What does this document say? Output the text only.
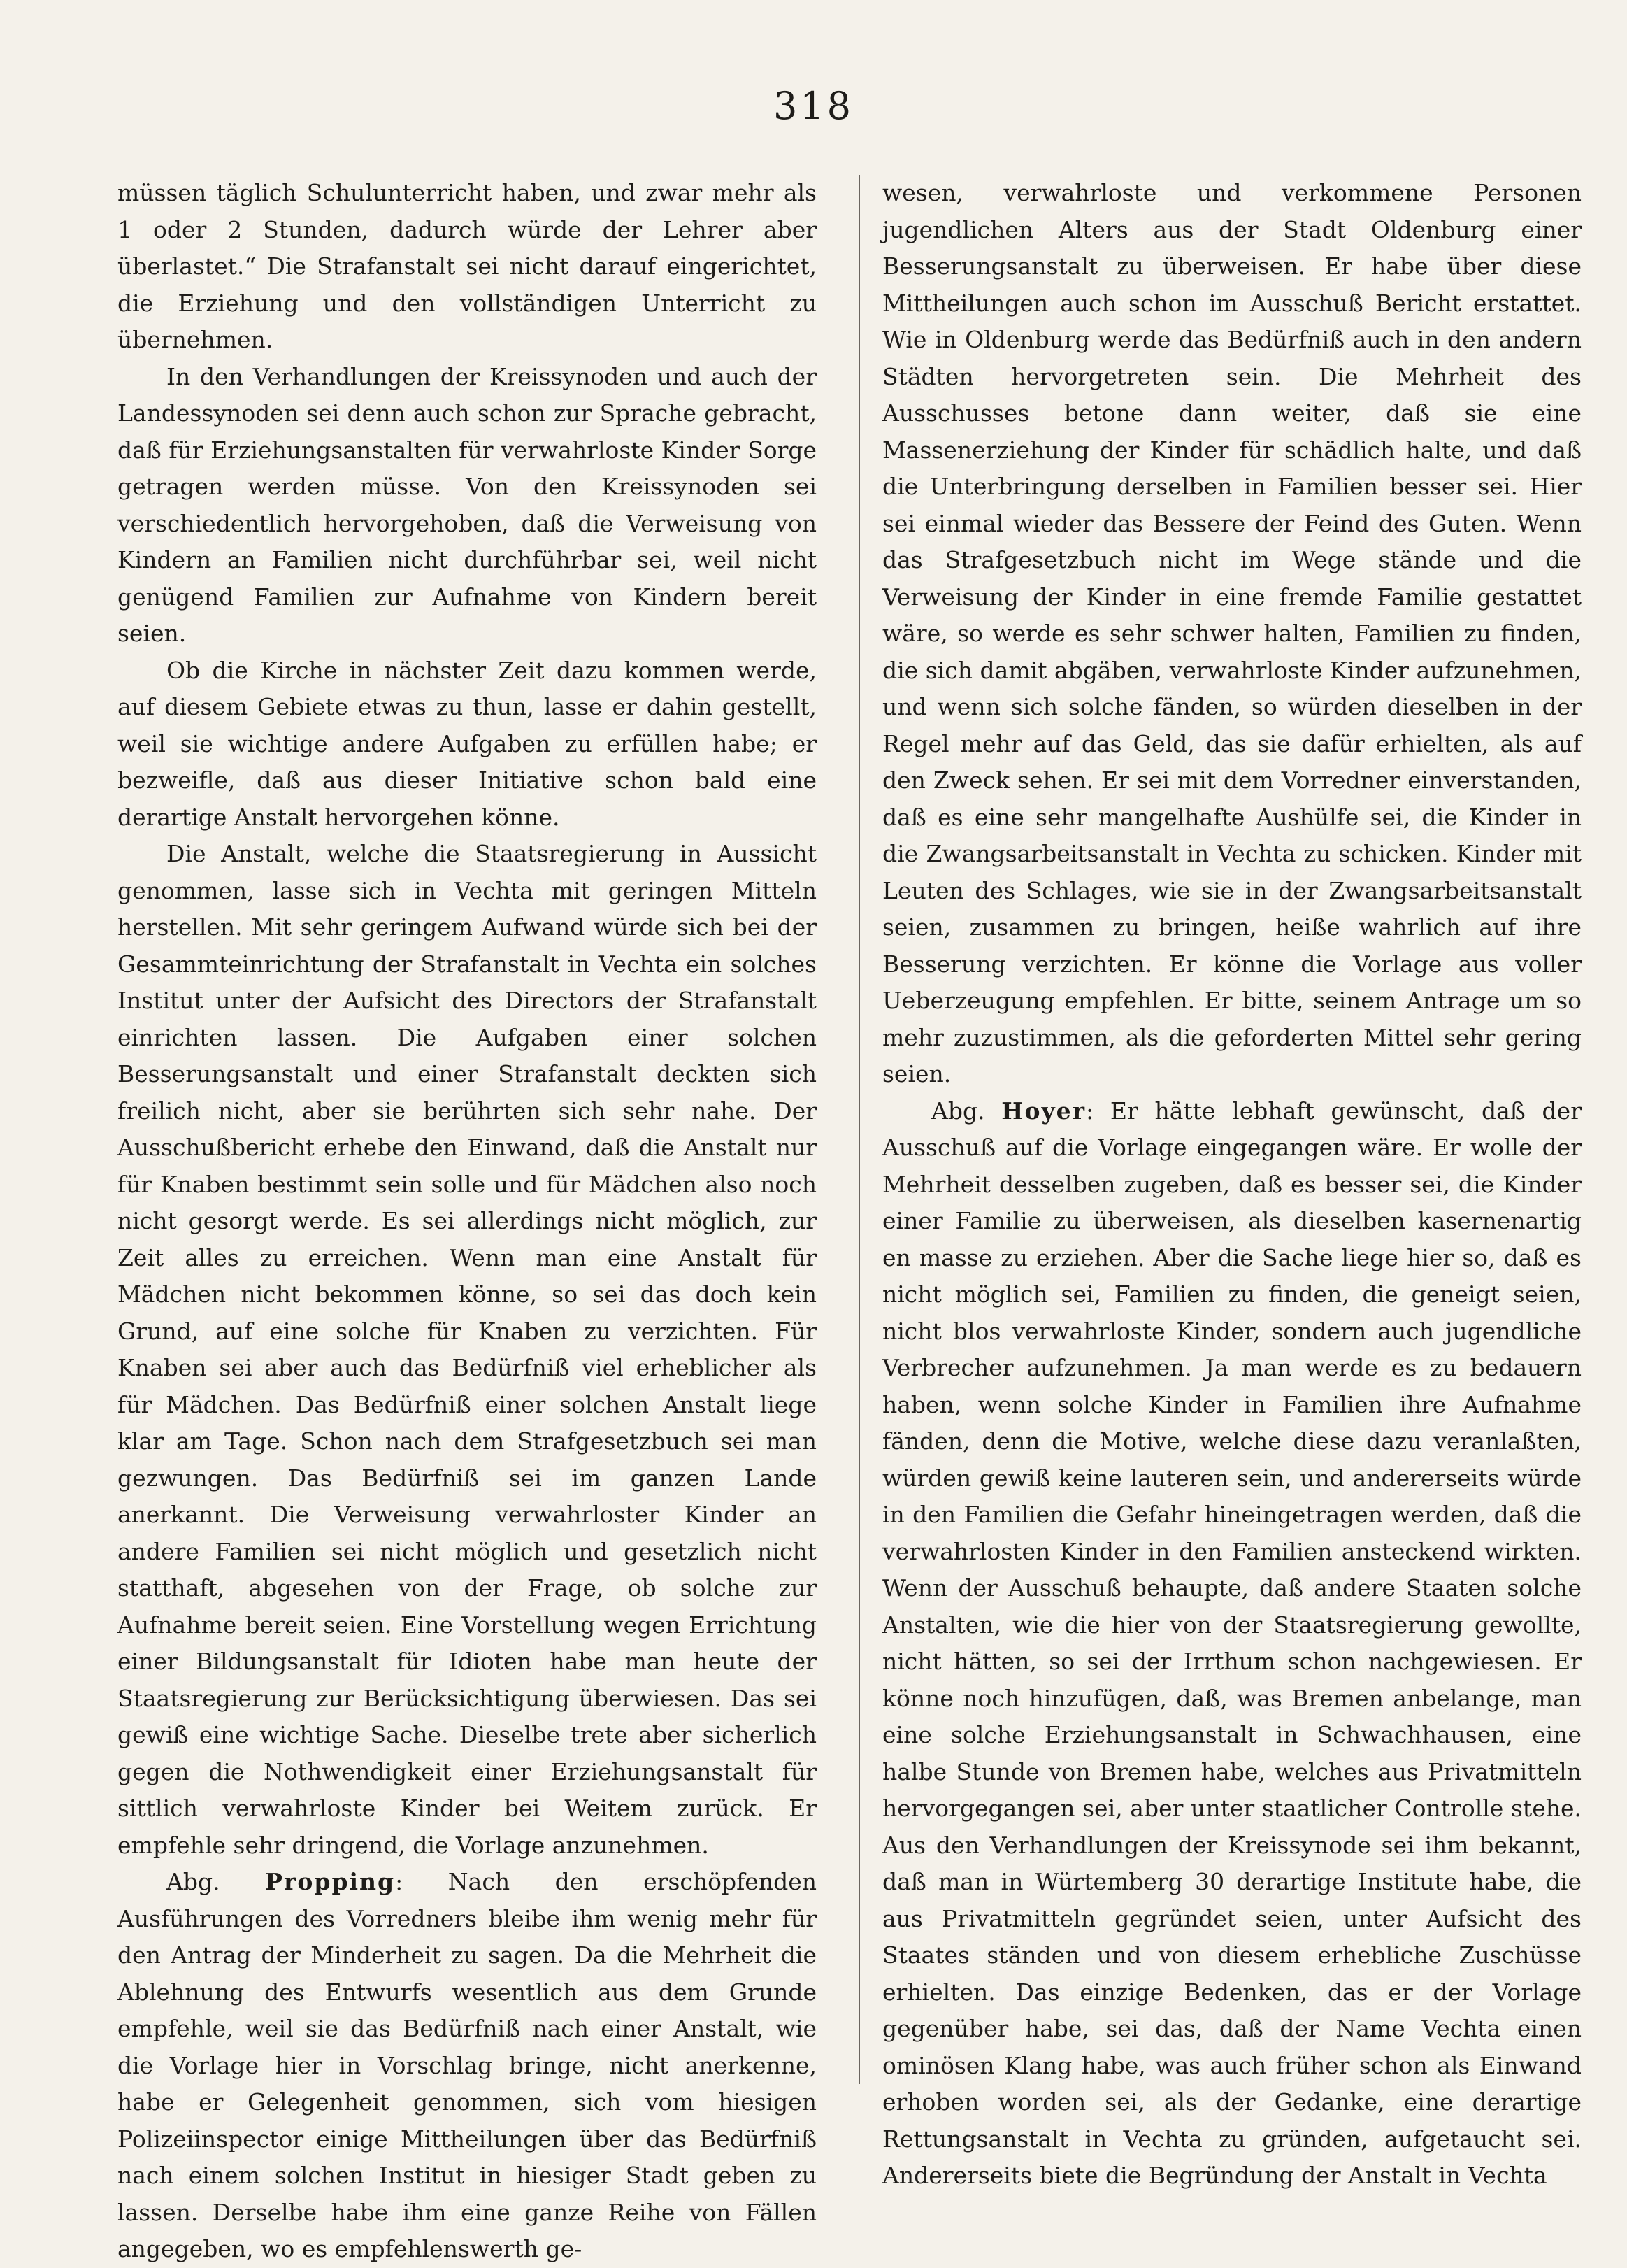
318

müssen täglich Schulunterricht haben, und zwar mehr als 1 oder 2 Stunden, dadurch würde der Lehrer aber überlastet.“ Die Strafanstalt sei nicht darauf eingerichtet, die Erziehung und den vollständigen Unterricht zu übernehmen.

In den Verhandlungen der Kreissynoden und auch der Landessynoden sei denn auch schon zur Sprache gebracht, daß für Erziehungsanstalten für verwahrloste Kinder Sorge getragen werden müsse. Von den Kreissynoden sei verschiedentlich hervorgehoben, daß die Verweisung von Kindern an Familien nicht durchführbar sei, weil nicht genügend Familien zur Aufnahme von Kindern bereit seien.

Ob die Kirche in nächster Zeit dazu kommen werde, auf diesem Gebiete etwas zu thun, lasse er dahin gestellt, weil sie wichtige andere Aufgaben zu erfüllen habe; er bezweifle, daß aus dieser Initiative schon bald eine derartige Anstalt hervorgehen könne.

Die Anstalt, welche die Staatsregierung in Aussicht genommen, lasse sich in Vechta mit geringen Mitteln herstellen. Mit sehr geringem Aufwand würde sich bei der Gesammteinrichtung der Strafanstalt in Vechta ein solches Institut unter der Aufsicht des Directors der Strafanstalt einrichten lassen. Die Aufgaben einer solchen Besserungsanstalt und einer Strafanstalt deckten sich freilich nicht, aber sie berührten sich sehr nahe. Der Ausschußbericht erhebe den Einwand, daß die Anstalt nur für Knaben bestimmt sein solle und für Mädchen also noch nicht gesorgt werde. Es sei allerdings nicht möglich, zur Zeit alles zu erreichen. Wenn man eine Anstalt für Mädchen nicht bekommen könne, so sei das doch kein Grund, auf eine solche für Knaben zu verzichten. Für Knaben sei aber auch das Bedürfniß viel erheblicher als für Mädchen. Das Bedürfniß einer solchen Anstalt liege klar am Tage. Schon nach dem Strafgesetzbuch sei man gezwungen. Das Bedürfniß sei im ganzen Lande anerkannt. Die Verweisung verwahrloster Kinder an andere Familien sei nicht möglich und gesetzlich nicht statthaft, abgesehen von der Frage, ob solche zur Aufnahme bereit seien. Eine Vorstellung wegen Errichtung einer Bildungsanstalt für Idioten habe man heute der Staatsregierung zur Berücksichtigung überwiesen. Das sei gewiß eine wichtige Sache. Dieselbe trete aber sicherlich gegen die Nothwendigkeit einer Erziehungsanstalt für sittlich verwahrloste Kinder bei Weitem zurück. Er empfehle sehr dringend, die Vorlage anzunehmen.

Abg. Propping: Nach den erschöpfenden Ausführungen des Vorredners bleibe ihm wenig mehr für den Antrag der Minderheit zu sagen. Da die Mehrheit die Ablehnung des Entwurfs wesentlich aus dem Grunde empfehle, weil sie das Bedürfniß nach einer Anstalt, wie die Vorlage hier in Vorschlag bringe, nicht anerkenne, habe er Gelegenheit genommen, sich vom hiesigen Polizeiinspector einige Mittheilungen über das Bedürfniß nach einem solchen Institut in hiesiger Stadt geben zu lassen. Derselbe habe ihm eine ganze Reihe von Fällen angegeben, wo es empfehlenswerth ge-

wesen, verwahrloste und verkommene Personen jugendlichen Alters aus der Stadt Oldenburg einer Besserungsanstalt zu überweisen. Er habe über diese Mittheilungen auch schon im Ausschuß Bericht erstattet. Wie in Oldenburg werde das Bedürfniß auch in den andern Städten hervorgetreten sein. Die Mehrheit des Ausschusses betone dann weiter, daß sie eine Massenerziehung der Kinder für schädlich halte, und daß die Unterbringung derselben in Familien besser sei. Hier sei einmal wieder das Bessere der Feind des Guten. Wenn das Strafgesetzbuch nicht im Wege stände und die Verweisung der Kinder in eine fremde Familie gestattet wäre, so werde es sehr schwer halten, Familien zu finden, die sich damit abgäben, verwahrloste Kinder aufzunehmen, und wenn sich solche fänden, so würden dieselben in der Regel mehr auf das Geld, das sie dafür erhielten, als auf den Zweck sehen. Er sei mit dem Vorredner einverstanden, daß es eine sehr mangelhafte Aushülfe sei, die Kinder in die Zwangsarbeitsanstalt in Vechta zu schicken. Kinder mit Leuten des Schlages, wie sie in der Zwangsarbeitsanstalt seien, zusammen zu bringen, heiße wahrlich auf ihre Besserung verzichten. Er könne die Vorlage aus voller Ueberzeugung empfehlen. Er bitte, seinem Antrage um so mehr zuzustimmen, als die geforderten Mittel sehr gering seien.

Abg. Hoyer: Er hätte lebhaft gewünscht, daß der Ausschuß auf die Vorlage eingegangen wäre. Er wolle der Mehrheit desselben zugeben, daß es besser sei, die Kinder einer Familie zu überweisen, als dieselben kasernenartig en masse zu erziehen. Aber die Sache liege hier so, daß es nicht möglich sei, Familien zu finden, die geneigt seien, nicht blos verwahrloste Kinder, sondern auch jugendliche Verbrecher aufzunehmen. Ja man werde es zu bedauern haben, wenn solche Kinder in Familien ihre Aufnahme fänden, denn die Motive, welche diese dazu veranlaßten, würden gewiß keine lauteren sein, und andererseits würde in den Familien die Gefahr hineingetragen werden, daß die verwahrlosten Kinder in den Familien ansteckend wirkten. Wenn der Ausschuß behaupte, daß andere Staaten solche Anstalten, wie die hier von der Staatsregierung gewollte, nicht hätten, so sei der Irrthum schon nachgewiesen. Er könne noch hinzufügen, daß, was Bremen anbelange, man eine solche Erziehungsanstalt in Schwachhausen, eine halbe Stunde von Bremen habe, welches aus Privatmitteln hervorgegangen sei, aber unter staatlicher Controlle stehe. Aus den Verhandlungen der Kreissynode sei ihm bekannt, daß man in Würtemberg 30 derartige Institute habe, die aus Privatmitteln gegründet seien, unter Aufsicht des Staates ständen und von diesem erhebliche Zuschüsse erhielten. Das einzige Bedenken, das er der Vorlage gegenüber habe, sei das, daß der Name Vechta einen ominösen Klang habe, was auch früher schon als Einwand erhoben worden sei, als der Gedanke, eine derartige Rettungsanstalt in Vechta zu gründen, aufgetaucht sei. Andererseits biete die Begründung der Anstalt in Vechta
